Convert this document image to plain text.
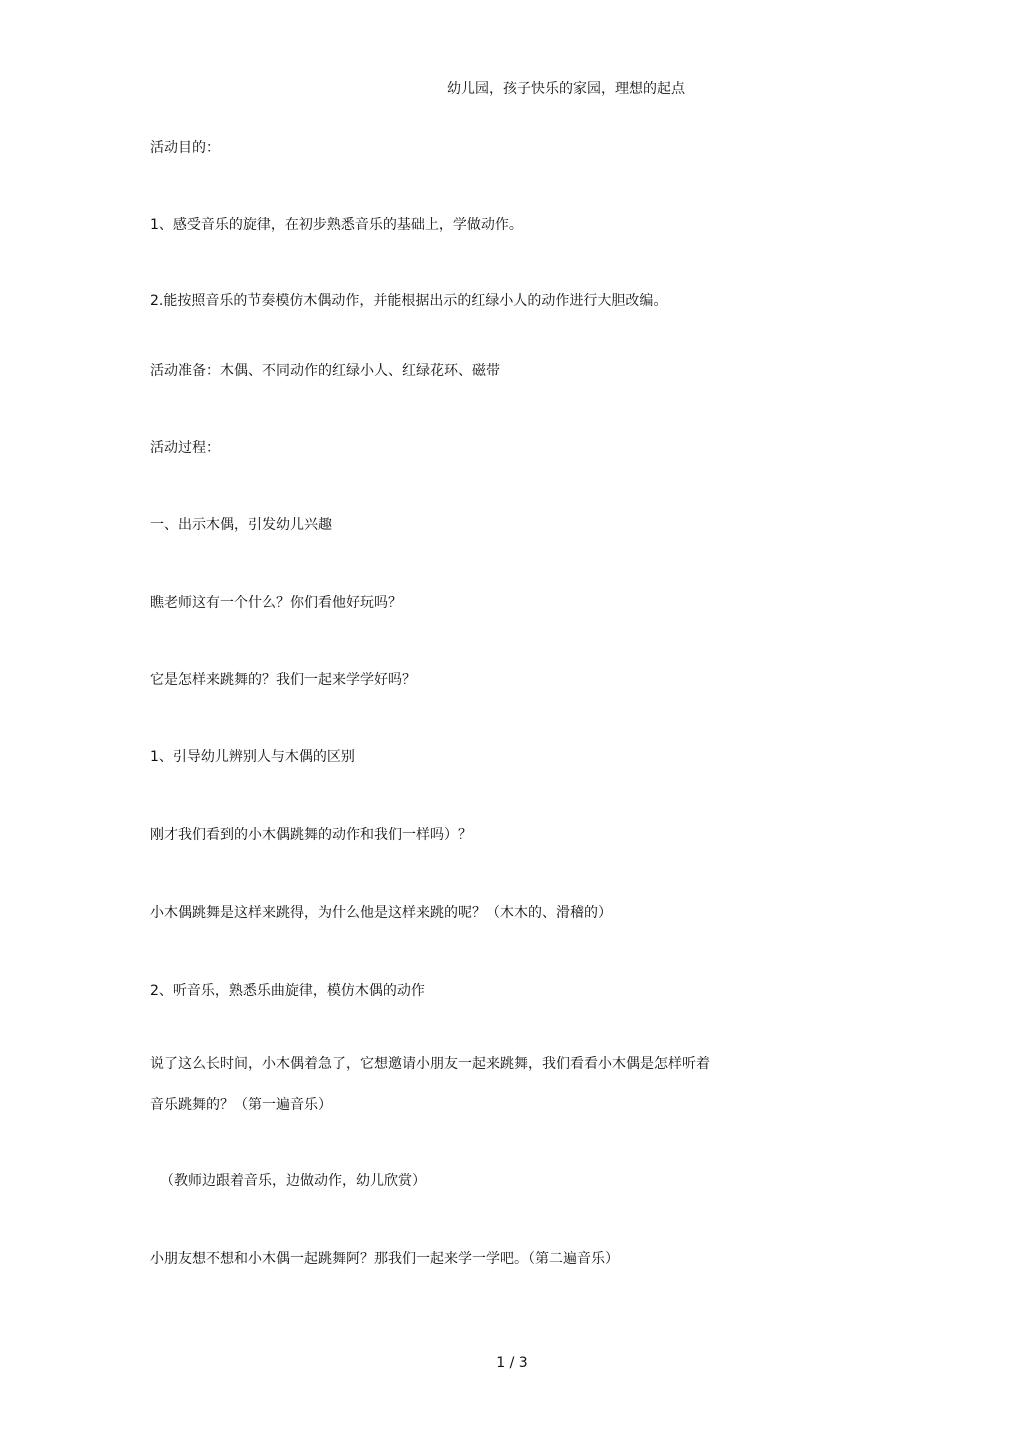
幼儿园，孩子快乐的家园，理想的起点
活动目的：
1、感受音乐的旋律，在初步熟悉音乐的基础上，学做动作。
2.能按照音乐的节奏模仿木偶动作，并能根据出示的红绿小人的动作进行大胆改编。
活动准备：木偶、不同动作的红绿小人、红绿花环、磁带
活动过程：
一、出示木偶，引发幼儿兴趣
瞧老师这有一个什么？你们看他好玩吗？
它是怎样来跳舞的？我们一起来学学好吗？
1、引导幼儿辨别人与木偶的区别
刚才我们看到的小木偶跳舞的动作和我们一样吗）？
小木偶跳舞是这样来跳得，为什么他是这样来跳的呢？（木木的、滑稽的）
2、听音乐，熟悉乐曲旋律，模仿木偶的动作
说了这么长时间，小木偶着急了，它想邀请小朋友一起来跳舞，我们看看小木偶是怎样听着
音乐跳舞的？（第一遍音乐）
（教师边跟着音乐，边做动作，幼儿欣赏）
小朋友想不想和小木偶一起跳舞阿？那我们一起来学一学吧。（第二遍音乐）
1 / 3
